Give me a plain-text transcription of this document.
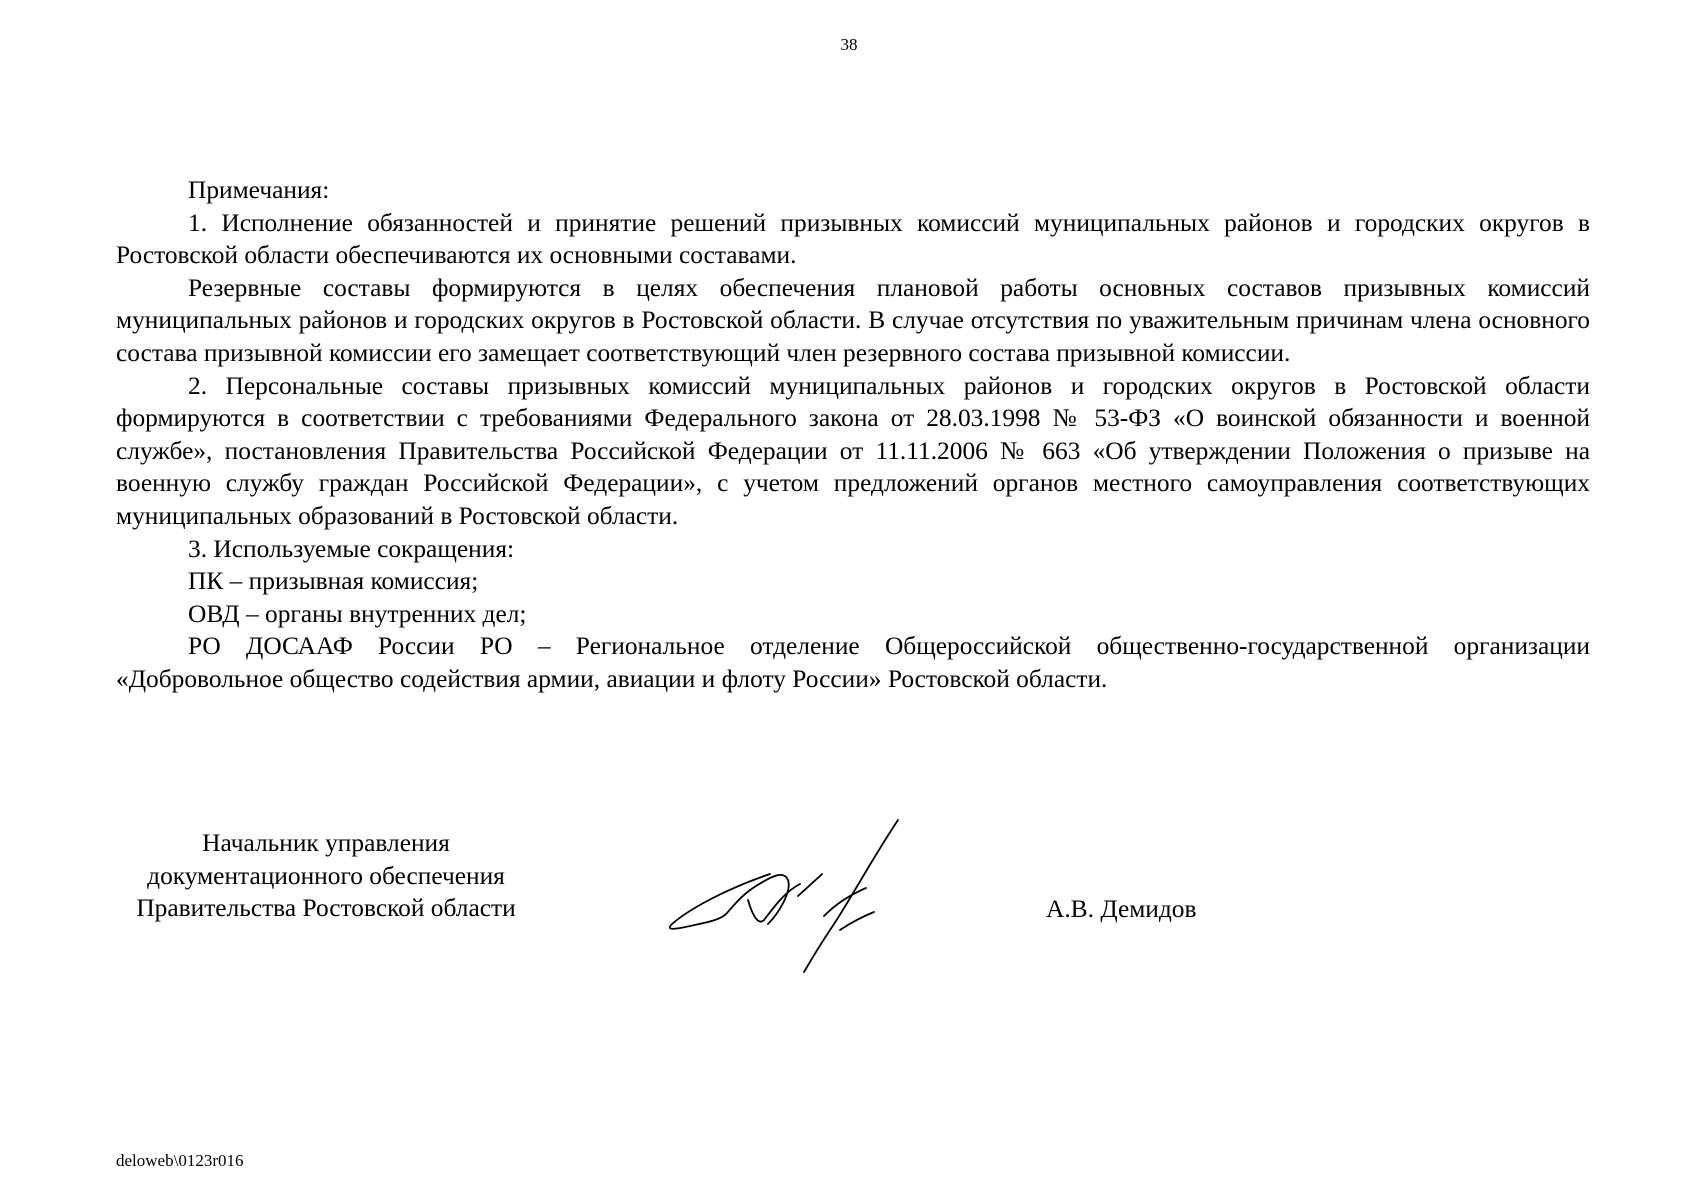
38

Примечания:

1. Исполнение обязанностей и принятие решений призывных комиссий муниципальных районов и городских округов в Ростовской области обеспечиваются их основными составами.

Резервные составы формируются в целях обеспечения плановой работы основных составов призывных комиссий муниципальных районов и городских округов в Ростовской области. В случае отсутствия по уважительным причинам члена основного состава призывной комиссии его замещает соответствующий член резервного состава призывной комиссии.

2. Персональные составы призывных комиссий муниципальных районов и городских округов в Ростовской области формируются в соответствии с требованиями Федерального закона от 28.03.1998 № 53-ФЗ «О воинской обязанности и военной службе», постановления Правительства Российской Федерации от 11.11.2006 № 663 «Об утверждении Положения о призыве на военную службу граждан Российской Федерации», с учетом предложений органов местного самоуправления соответствующих муниципальных образований в Ростовской области.

3. Используемые сокращения:

ПК – призывная комиссия;

ОВД – органы внутренних дел;

РО ДОСААФ России РО – Региональное отделение Общероссийской общественно-государственной организации «Добровольное общество содействия армии, авиации и флоту России» Ростовской области.

Начальник управления
документационного обеспечения
Правительства Ростовской области	А.В. Демидов
deloweb\0123r016
